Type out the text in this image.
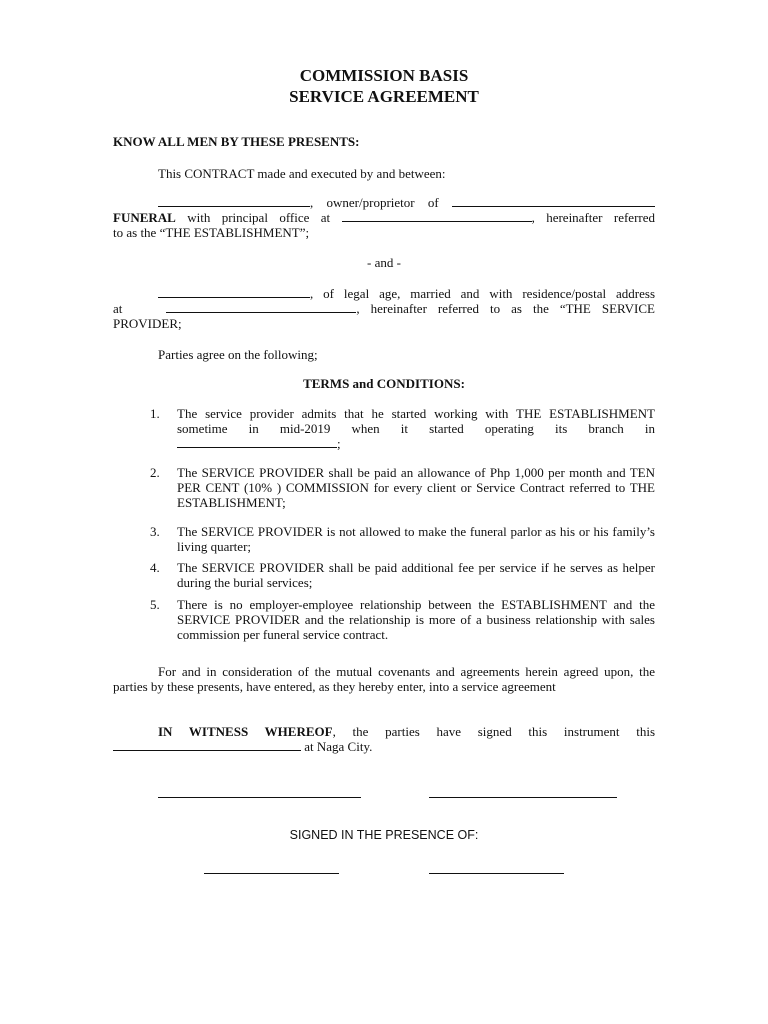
COMMISSION BASIS
SERVICE AGREEMENT
KNOW ALL MEN BY THESE PRESENTS:
This CONTRACT made and executed by and between:
, owner/proprietor of
FUNERAL with principal office at	, hereinafter referred
to as the “THE ESTABLISHMENT”;
- and -
, of legal age, married and with residence/postal address
at	, hereinafter referred to as the “THE SERVICE
PROVIDER;
Parties agree on the following;
TERMS and CONDITIONS:
1.	The service provider admits that he started working with THE ESTABLISHMENT sometime in mid-2019 when it started operating its branch in ;
2.	The SERVICE PROVIDER shall be paid an allowance of Php 1,000 per month and TEN PER CENT (10% ) COMMISSION for every client or Service Contract referred to THE ESTABLISHMENT;
3.	The SERVICE PROVIDER is not allowed to make the funeral parlor as his or his family’s living quarter;
4.	The SERVICE PROVIDER shall be paid additional fee per service if he serves as helper during the burial services;
5.	There is no employer-employee relationship between the ESTABLISHMENT and the SERVICE PROVIDER and the relationship is more of a business relationship with sales commission per funeral service contract.
For and in consideration of the mutual covenants and agreements herein agreed upon, the parties by these presents, have entered, as they hereby enter, into a service agreement
IN WITNESS WHEREOF, the parties have signed this instrument this
at Naga City.
SIGNED IN THE PRESENCE OF:
